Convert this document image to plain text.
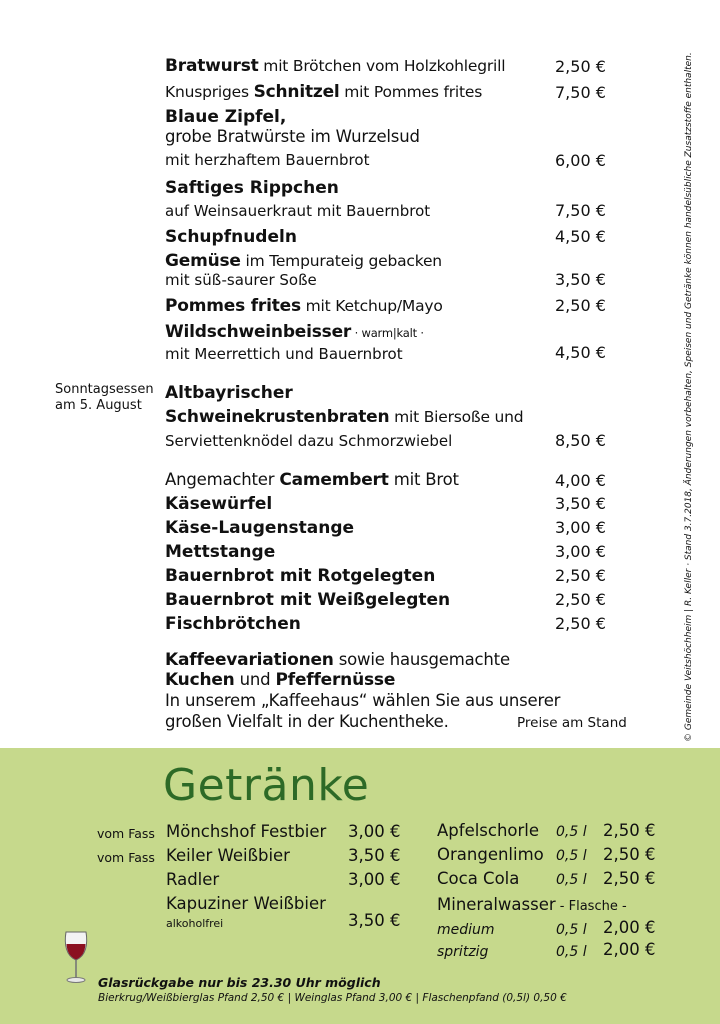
Bratwurst mit Brötchen vom Holzkohlegrill	2,50 €
Knuspriges Schnitzel mit Pommes frites	7,50 €
Blaue Zipfel,
grobe Bratwürste im Wurzelsud
mit herzhaftem Bauernbrot	6,00 €
Saftiges Rippchen
auf Weinsauerkraut mit Bauernbrot	7,50 €
Schupfnudeln	4,50 €
Gemüse im Tempurateig gebacken
mit süß-saurer Soße	3,50 €
Pommes frites mit Ketchup/Mayo	2,50 €
Wildschweinbeisser · warm|kalt ·
mit Meerrettich und Bauernbrot	4,50 €
Sonntagsessen
am 5. August
Altbayrischer
Schweinekrustenbraten mit Biersoße und
Serviettenknödel dazu Schmorzwiebel	8,50 €
Angemachter Camembert mit Brot	4,00 €
Käsewürfel	3,50 €
Käse-Laugenstange	3,00 €
Mettstange	3,00 €
Bauernbrot mit Rotgelegten	2,50 €
Bauernbrot mit Weißgelegten	2,50 €
Fischbrötchen	2,50 €
Kaffeevariationen sowie hausgemachte
Kuchen und Pfeffernüsse
In unserem „Kaffeehaus“ wählen Sie aus unserer
großen Vielfalt in der Kuchentheke.	Preise am Stand	© Gemeinde Veitshöchheim | R. Keller · Stand 3.7.2018, Änderungen vorbehalten, Speisen und Getränke können handelsübliche Zusatzstoffe enthalten.
Getränke
vom Fass Mönchshof Festbier 3,00 €
vom Fass Keiler Weißbier	3,50 €
Radler	3,00 €
Kapuziner Weißbier
alkoholfrei	3,50 €
Apfelschorle 0,5 l 2,50 €
Orangenlimo 0,5 l 2,50 €
Coca Cola	0,5 l 2,50 €
Mineralwasser - Flasche -
medium	0,5 l 2,00 €
spritzig	0,5 l 2,00 €
Glasrückgabe nur bis 23.30 Uhr möglich
Bierkrug/Weißbierglas Pfand 2,50 € | Weinglas Pfand 3,00 € | Flaschenpfand (0,5l) 0,50 €
